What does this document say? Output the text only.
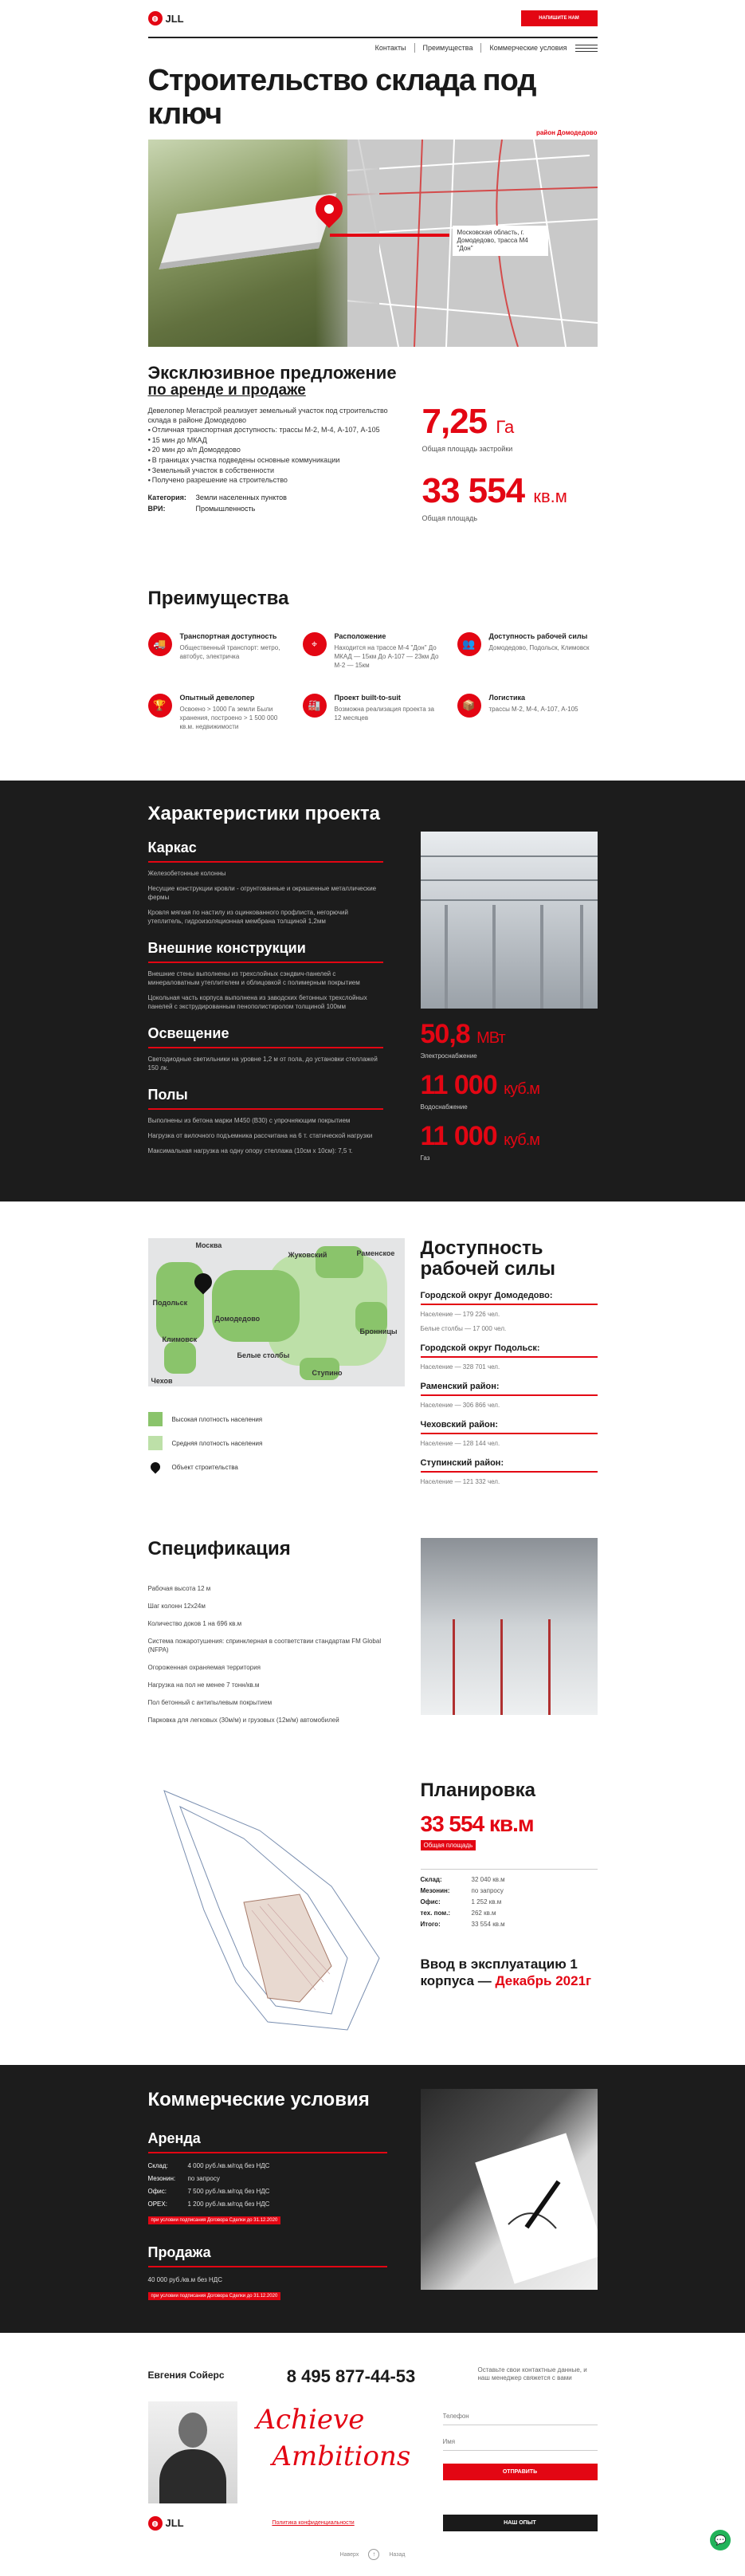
◍ JLL	НАПИШИТЕ НАМ
Контакты Преимущества Коммерческие условия
Строительство склада под ключ
район Домодедово
Московская область, г. Домодедово, трасса М4 "Дон"
Эксклюзивное предложение
по аренде и продаже

Девелопер Мегастрой реализует земельный участок под строительство склада в районе Домодедово

● Отличная транспортная доступность: трассы М-2, М-4, А-107, А-105
● 15 мин до МКАД
● 20 мин до а/п Домодедово
● В границах участка подведены основные коммуникации
● Земельный участок в собственности
● Получено разрешение на строительство
Категория: Земли населенных пунктов
ВРИ:	Промышленность
7,25 Га
Общая площадь застройки
33 554 кв.м
Общая площадь
Преимущества
🚚
Транспортная доступность

Общественный транспорт: метро, автобус, электричка

⌖
Расположение

Находится на трассе М-4 "Дон" До МКАД — 15км До А-107 — 23км До М-2 — 15км

👥
Доступность рабочей силы

Домодедово, Подольск, Климовск

🏆
Опытный девелопер

Освоено > 1000 Га земли Были хранения, построено > 1 500 000 кв.м. недвижимости

🏭
Проект built-to-suit

Возможна реализация проекта за 12 месяцев

📦
Логистика

трассы М-2, М-4, А-107, А-105

Характеристики проекта
Каркас

Железобетонные колонны

Несущие конструкции кровли - огрунтованные и окрашенные металлические фермы

Кровля мягкая по настилу из оцинкованного профлиста, негорючий утеплитель, гидроизоляционная мембрана толщиной 1,2мм

Внешние конструкции

Внешние стены выполнены из трехслойных сэндвич-панелей с минераловатным утеплителем и облицовкой с полимерным покрытием

Цокольная часть корпуса выполнена из заводских бетонных трехслойных панелей с экструдированным пенополистиролом толщиной 100мм

Освещение

Светодиодные светильники на уровне 1,2 м от пола, до установки стеллажей 150 лк.

Полы

Выполнены из бетона марки М450 (B30) с упрочняющим покрытием

Нагрузка от вилочного подъемника рассчитана на 6 т. статической нагрузки

Максимальная нагрузка на одну опору стеллажа (10см х 10см): 7,5 т.

50,8 МВт
Электроснабжение
11 000 куб.м
Водоснабжение
11 000 куб.м
Газ
Москва
Жуковский	Раменское
Подольск
Домодедово
Бронницы
Климовск
Белые столбы
Ступино
Чехов
Высокая плотность населения
Средняя плотность населения
Объект строительства
Доступность рабочей силы
Городской округ Домодедово:

Население — 179 226 чел.

Белые столбы — 17 000 чел.

Городской округ Подольск:

Население — 328 701 чел.

Раменский район:

Население — 306 866 чел.

Чеховский район:

Население — 128 144 чел.

Ступинский район:

Население — 121 332 чел.

Спецификация
Рабочая высота 12 м
Шаг колонн 12х24м
Количество доков 1 на 696 кв.м
Система пожаротушения: спринклерная в соответствии стандартам FM Global (NFPA)
Огороженная охраняемая территория
Нагрузка на пол не менее 7 тонн/кв.м
Пол бетонный с антипылевым покрытием
Парковка для легковых (30м/м) и грузовых (12м/м) автомобилей
Планировка
33 554 кв.м
Общая площадь
Склад:	32 040 кв.м
Мезонин:	по запросу
Офис:	1 252 кв.м
тех. пом.:	262 кв.м
Итого:	33 554 кв.м
Ввод в эксплуатацию 1 корпуса — Декабрь 2021г
Коммерческие условия
Аренда
Склад:	4 000 руб./кв.м/год без НДС
Мезонин: по запросу
Офис:	7 500 руб./кв.м/год без НДС
OPEX:	1 200 руб./кв.м/год без НДС
при условии подписания Договора Сделки до 31.12.2020
Продажа
40 000 руб./кв.м без НДС
при условии подписания Договора Сделки до 31.12.2020
Евгения Сойерс	8 495 877-44-53	Оставьте свои контактные данные, и наш менеджер свяжется с вами
Achieve
Ambitions
Телефон Имя	ОТПРАВИТЬ
◍ JLL	Политика конфиденциальности	НАШ ОПЫТ
Наверх	↑	Назад
💬
